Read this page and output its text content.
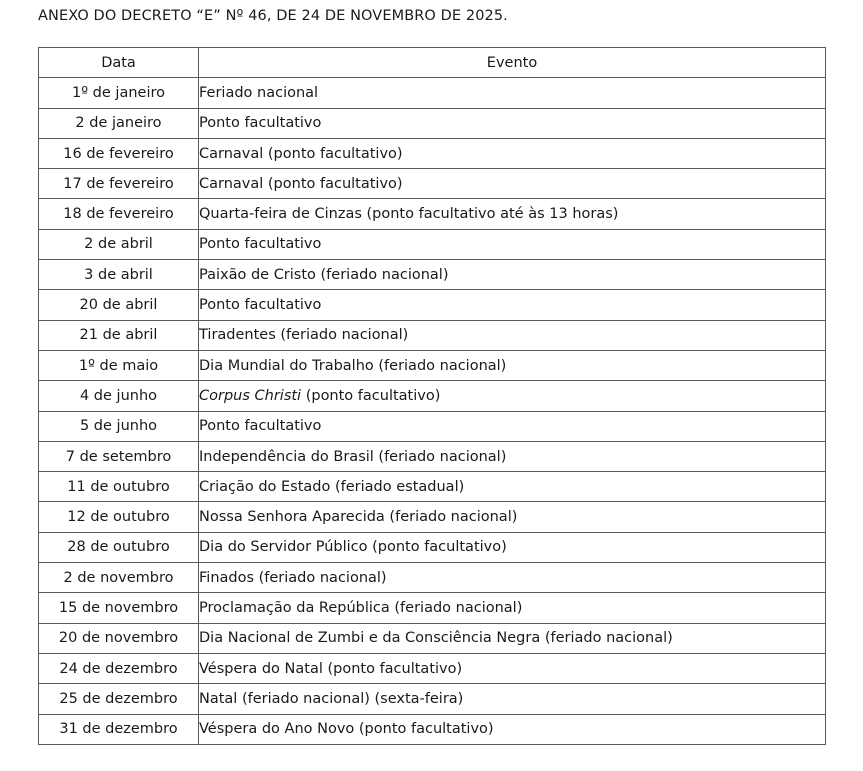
ANEXO DO DECRETO “E” Nº 46, DE 24 DE NOVEMBRO DE 2025.
Data	Evento
1º de janeiro	Feriado nacional
2 de janeiro	Ponto facultativo
16 de fevereiro	Carnaval (ponto facultativo)
17 de fevereiro	Carnaval (ponto facultativo)
18 de fevereiro	Quarta-feira de Cinzas (ponto facultativo até às 13 horas)
2 de abril	Ponto facultativo
3 de abril	Paixão de Cristo (feriado nacional)
20 de abril	Ponto facultativo
21 de abril	Tiradentes (feriado nacional)
1º de maio	Dia Mundial do Trabalho (feriado nacional)
4 de junho	Corpus Christi (ponto facultativo)
5 de junho	Ponto facultativo
7 de setembro	Independência do Brasil (feriado nacional)
11 de outubro	Criação do Estado (feriado estadual)
12 de outubro	Nossa Senhora Aparecida (feriado nacional)
28 de outubro	Dia do Servidor Público (ponto facultativo)
2 de novembro	Finados (feriado nacional)
15 de novembro	Proclamação da República (feriado nacional)
20 de novembro	Dia Nacional de Zumbi e da Consciência Negra (feriado nacional)
24 de dezembro	Véspera do Natal (ponto facultativo)
25 de dezembro	Natal (feriado nacional) (sexta-feira)
31 de dezembro	Véspera do Ano Novo (ponto facultativo)
